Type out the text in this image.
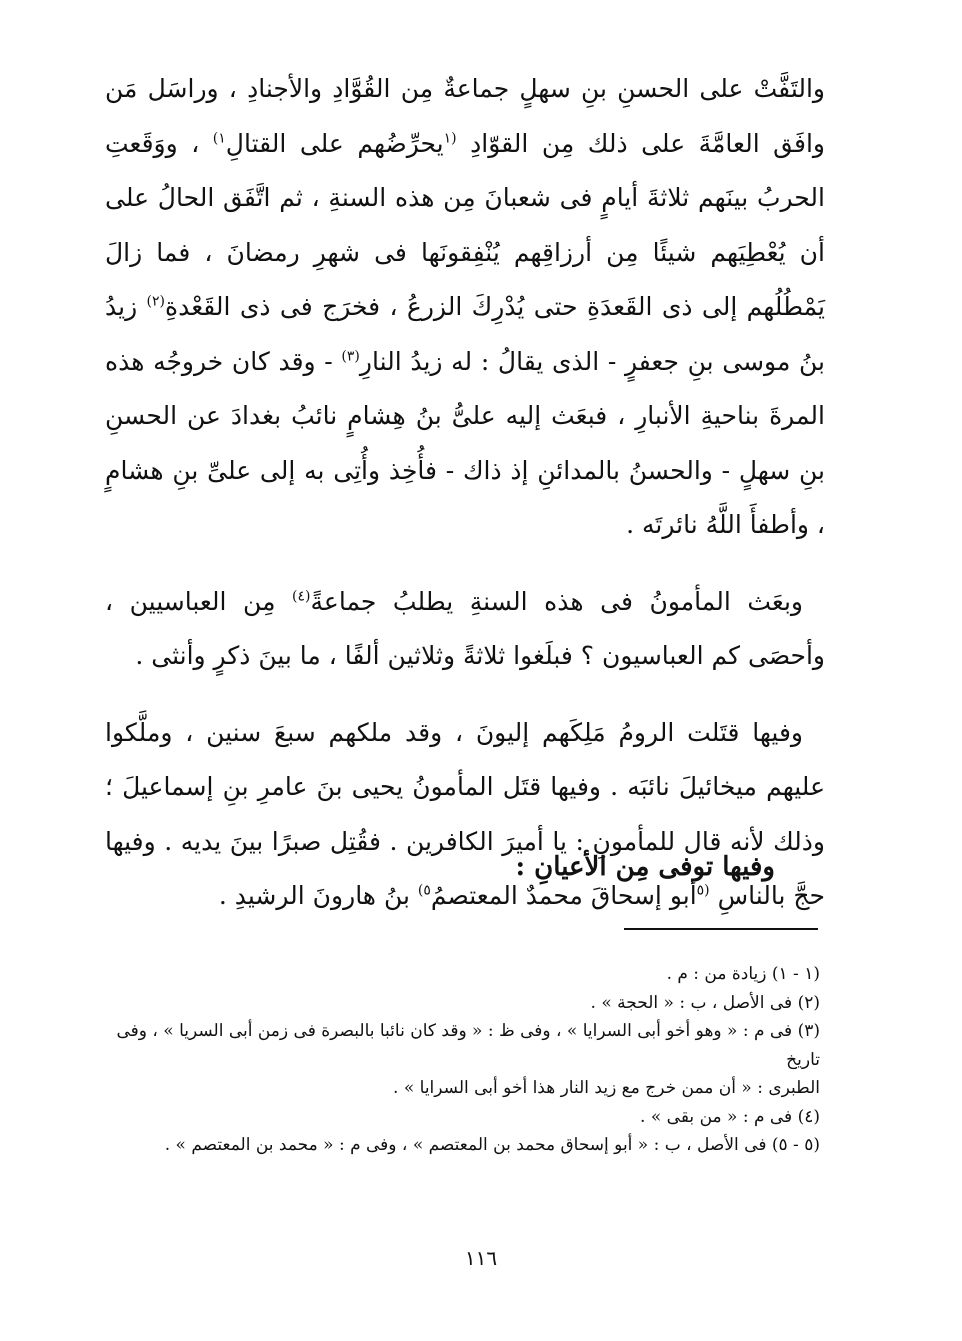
والتَفَّتْ على الحسنِ بنِ سهلٍ جماعةٌ مِن القُوَّادِ والأجنادِ ، وراسَل مَن وافَق العامَّةَ على ذلك مِن القوّادِ $^{(١}$يحرِّضُهم على القتالِ$^{١)}$ ، ووَقَعتِ الحربُ بينَهم ثلاثةَ أيامٍ فى شعبانَ مِن هذه السنةِ ، ثم اتَّفَق الحالُ على أن يُعْطِيَهم شيئًا مِن أرزاقِهم يُنْفِقونَها فى شهرِ رمضانَ ، فما زالَ يَمْطُلُهم إلى ذى القَعدَةِ حتى يُدْرِكَ الزرعُ ، فخرَج فى ذى القَعْدةِ$^{(٢)}$ زيدُ بنُ موسى بنِ جعفرٍ - الذى يقالُ : له زيدُ النارِ$^{(٣)}$ - وقد كان خروجُه هذه المرةَ بناحيةِ الأنبارِ ، فبعَث إليه علىُّ بنُ هِشامٍ نائبُ بغدادَ عن الحسنِ بنِ سهلٍ - والحسنُ بالمدائنِ إذ ذاك - فأُخِذ وأُتِى به إلى علىِّ بنِ هشامٍ ، وأطفأَ اللَّهُ نائرتَه .

وبعَث المأمونُ فى هذه السنةِ يطلبُ جماعةً$^{(٤)}$ مِن العباسيين ، وأحصَى كم العباسيون ؟ فبلَغوا ثلاثةً وثلاثين ألفًا ، ما بينَ ذكرٍ وأنثى .

وفيها قتَلت الرومُ مَلِكَهم إليونَ ، وقد ملكهم سبعَ سنين ، وملَّكوا عليهم ميخائيلَ نائبَه . وفيها قتَل المأمونُ يحيى بنَ عامرِ بنِ إسماعيلَ ؛ وذلك لأنه قال للمأمونِ : يا أميرَ الكافرين . فقُتِل صبرًا بينَ يديه . وفيها حجَّ بالناسِ $^{(٥}$أبو إسحاقَ محمدٌ المعتصمُ$^{٥)}$ بنُ هارونَ الرشيدِ .

وفيها توفى مِن الأعيانِ :

(١ - ١) زيادة من : م .

(٢) فى الأصل ، ب : « الحجة » .

(٣) فى م : « وهو أخو أبى السرايا » ، وفى ظ : « وقد كان نائبا بالبصرة فى زمن أبى السريا » ، وفى تاريخ

الطبرى : « أن ممن خرج مع زيد النار هذا أخو أبى السرايا » .

(٤) فى م : « من بقى » .

(٥ - ٥) فى الأصل ، ب : « أبو إسحاق محمد بن المعتصم » ، وفى م : « محمد بن المعتصم » .

١١٦
